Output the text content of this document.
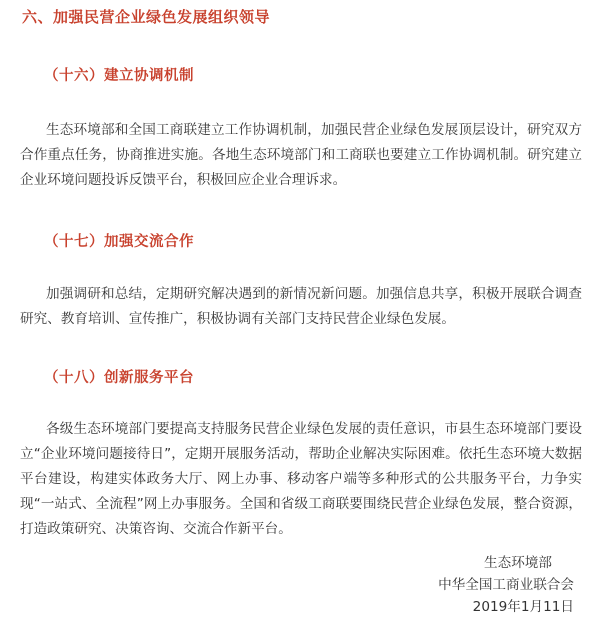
六、加强民营企业绿色发展组织领导
（十六）建立协调机制

生态环境部和全国工商联建立工作协调机制，加强民营企业绿色发展顶层设计，研究双方合作重点任务，协商推进实施。各地生态环境部门和工商联也要建立工作协调机制。研究建立企业环境问题投诉反馈平台，积极回应企业合理诉求。

（十七）加强交流合作

加强调研和总结，定期研究解决遇到的新情况新问题。加强信息共享，积极开展联合调查研究、教育培训、宣传推广，积极协调有关部门支持民营企业绿色发展。

（十八）创新服务平台

各级生态环境部门要提高支持服务民营企业绿色发展的责任意识，市县生态环境部门要设立“企业环境问题接待日”，定期开展服务活动，帮助企业解决实际困难。依托生态环境大数据平台建设，构建实体政务大厅、网上办事、移动客户端等多种形式的公共服务平台，力争实现“一站式、全流程”网上办事服务。全国和省级工商联要围绕民营企业绿色发展，整合资源，打造政策研究、决策咨询、交流合作新平台。

生态环境部
中华全国工商业联合会
2019年1月11日
